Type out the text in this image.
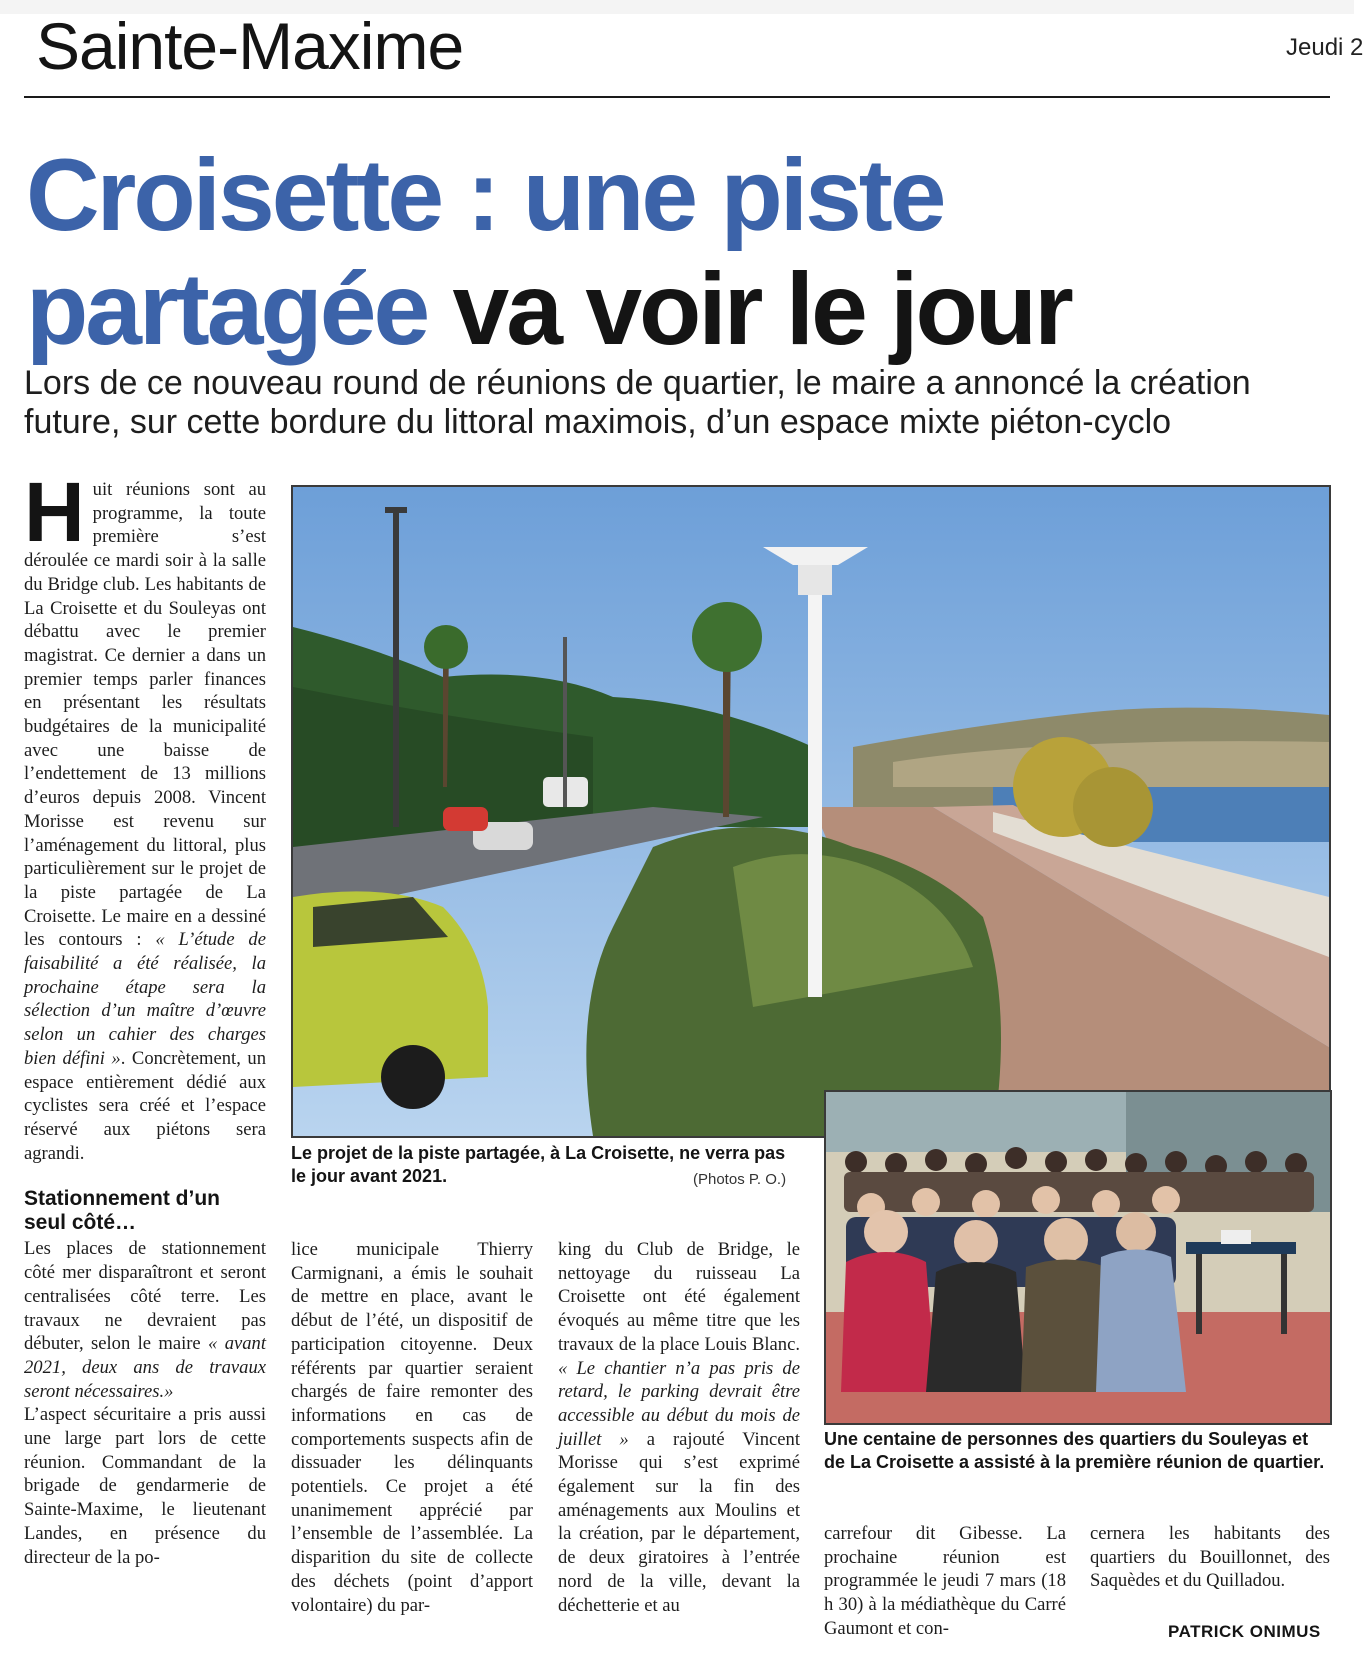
Sainte-Maxime	Jeudi 2
Croisette : une piste partagée va voir le jour
Lors de ce nouveau round de réunions de quartier, le maire a annoncé la création future, sur cette bordure du littoral maximois, d’un espace mixte piéton-cyclo

Huit réunions sont au programme, la toute première s’est déroulée ce mardi soir à la salle du Bridge club. Les habitants de La Croisette et du Souleyas ont débattu avec le premier magistrat. Ce dernier a dans un premier temps parler finances en présentant les résultats budgétaires de la municipalité avec une baisse de l’endettement de 13 millions d’euros depuis 2008. Vincent Morisse est revenu sur l’aménagement du littoral, plus particulièrement sur le projet de la piste partagée de La Croisette. Le maire en a dessiné les contours : « L’étude de faisabilité a été réalisée, la prochaine étape sera la sélection d’un maître d’œuvre selon un cahier des charges bien défini ». Concrètement, un espace entièrement dédié aux cyclistes sera créé et l’espace réservé aux piétons sera agrandi.

Stationnement d’un seul côté…

Les places de stationnement côté mer disparaîtront et seront centralisées côté terre. Les travaux ne devraient pas débuter, selon le maire « avant 2021, deux ans de travaux seront nécessaires.»

L’aspect sécuritaire a pris aussi une large part lors de cette réunion. Commandant de la brigade de gendarmerie de Sainte-Maxime, le lieutenant Landes, en présence du directeur de la po-

Le projet de la piste partagée, à La Croisette, ne verra pas le jour avant 2021.	(Photos P. O.)
Une centaine de personnes des quartiers du Souleyas et de La Croisette a assisté à la première réunion de quartier.
lice municipale Thierry Carmignani, a émis le souhait de mettre en place, avant le début de l’été, un dispositif de participation citoyenne. Deux référents par quartier seraient chargés de faire remonter des informations en cas de comportements suspects afin de dissuader les délinquants potentiels. Ce projet a été unanimement apprécié par l’ensemble de l’assemblée. La disparition du site de collecte des déchets (point d’apport volontaire) du par-
king du Club de Bridge, le nettoyage du ruisseau La Croisette ont été également évoqués au même titre que les travaux de la place Louis Blanc. « Le chantier n’a pas pris de retard, le parking devrait être accessible au début du mois de juillet » a rajouté Vincent Morisse qui s’est exprimé également sur la fin des aménagements aux Moulins et la création, par le département, de deux giratoires à l’entrée nord de la ville, devant la déchetterie et au
carrefour dit Gibesse. La prochaine réunion est programmée le jeudi 7 mars (18 h 30) à la médiathèque du Carré Gaumont et con-
cernera les habitants des quartiers du Bouillonnet, des Saquèdes et du Quilladou.
PATRICK ONIMUS
